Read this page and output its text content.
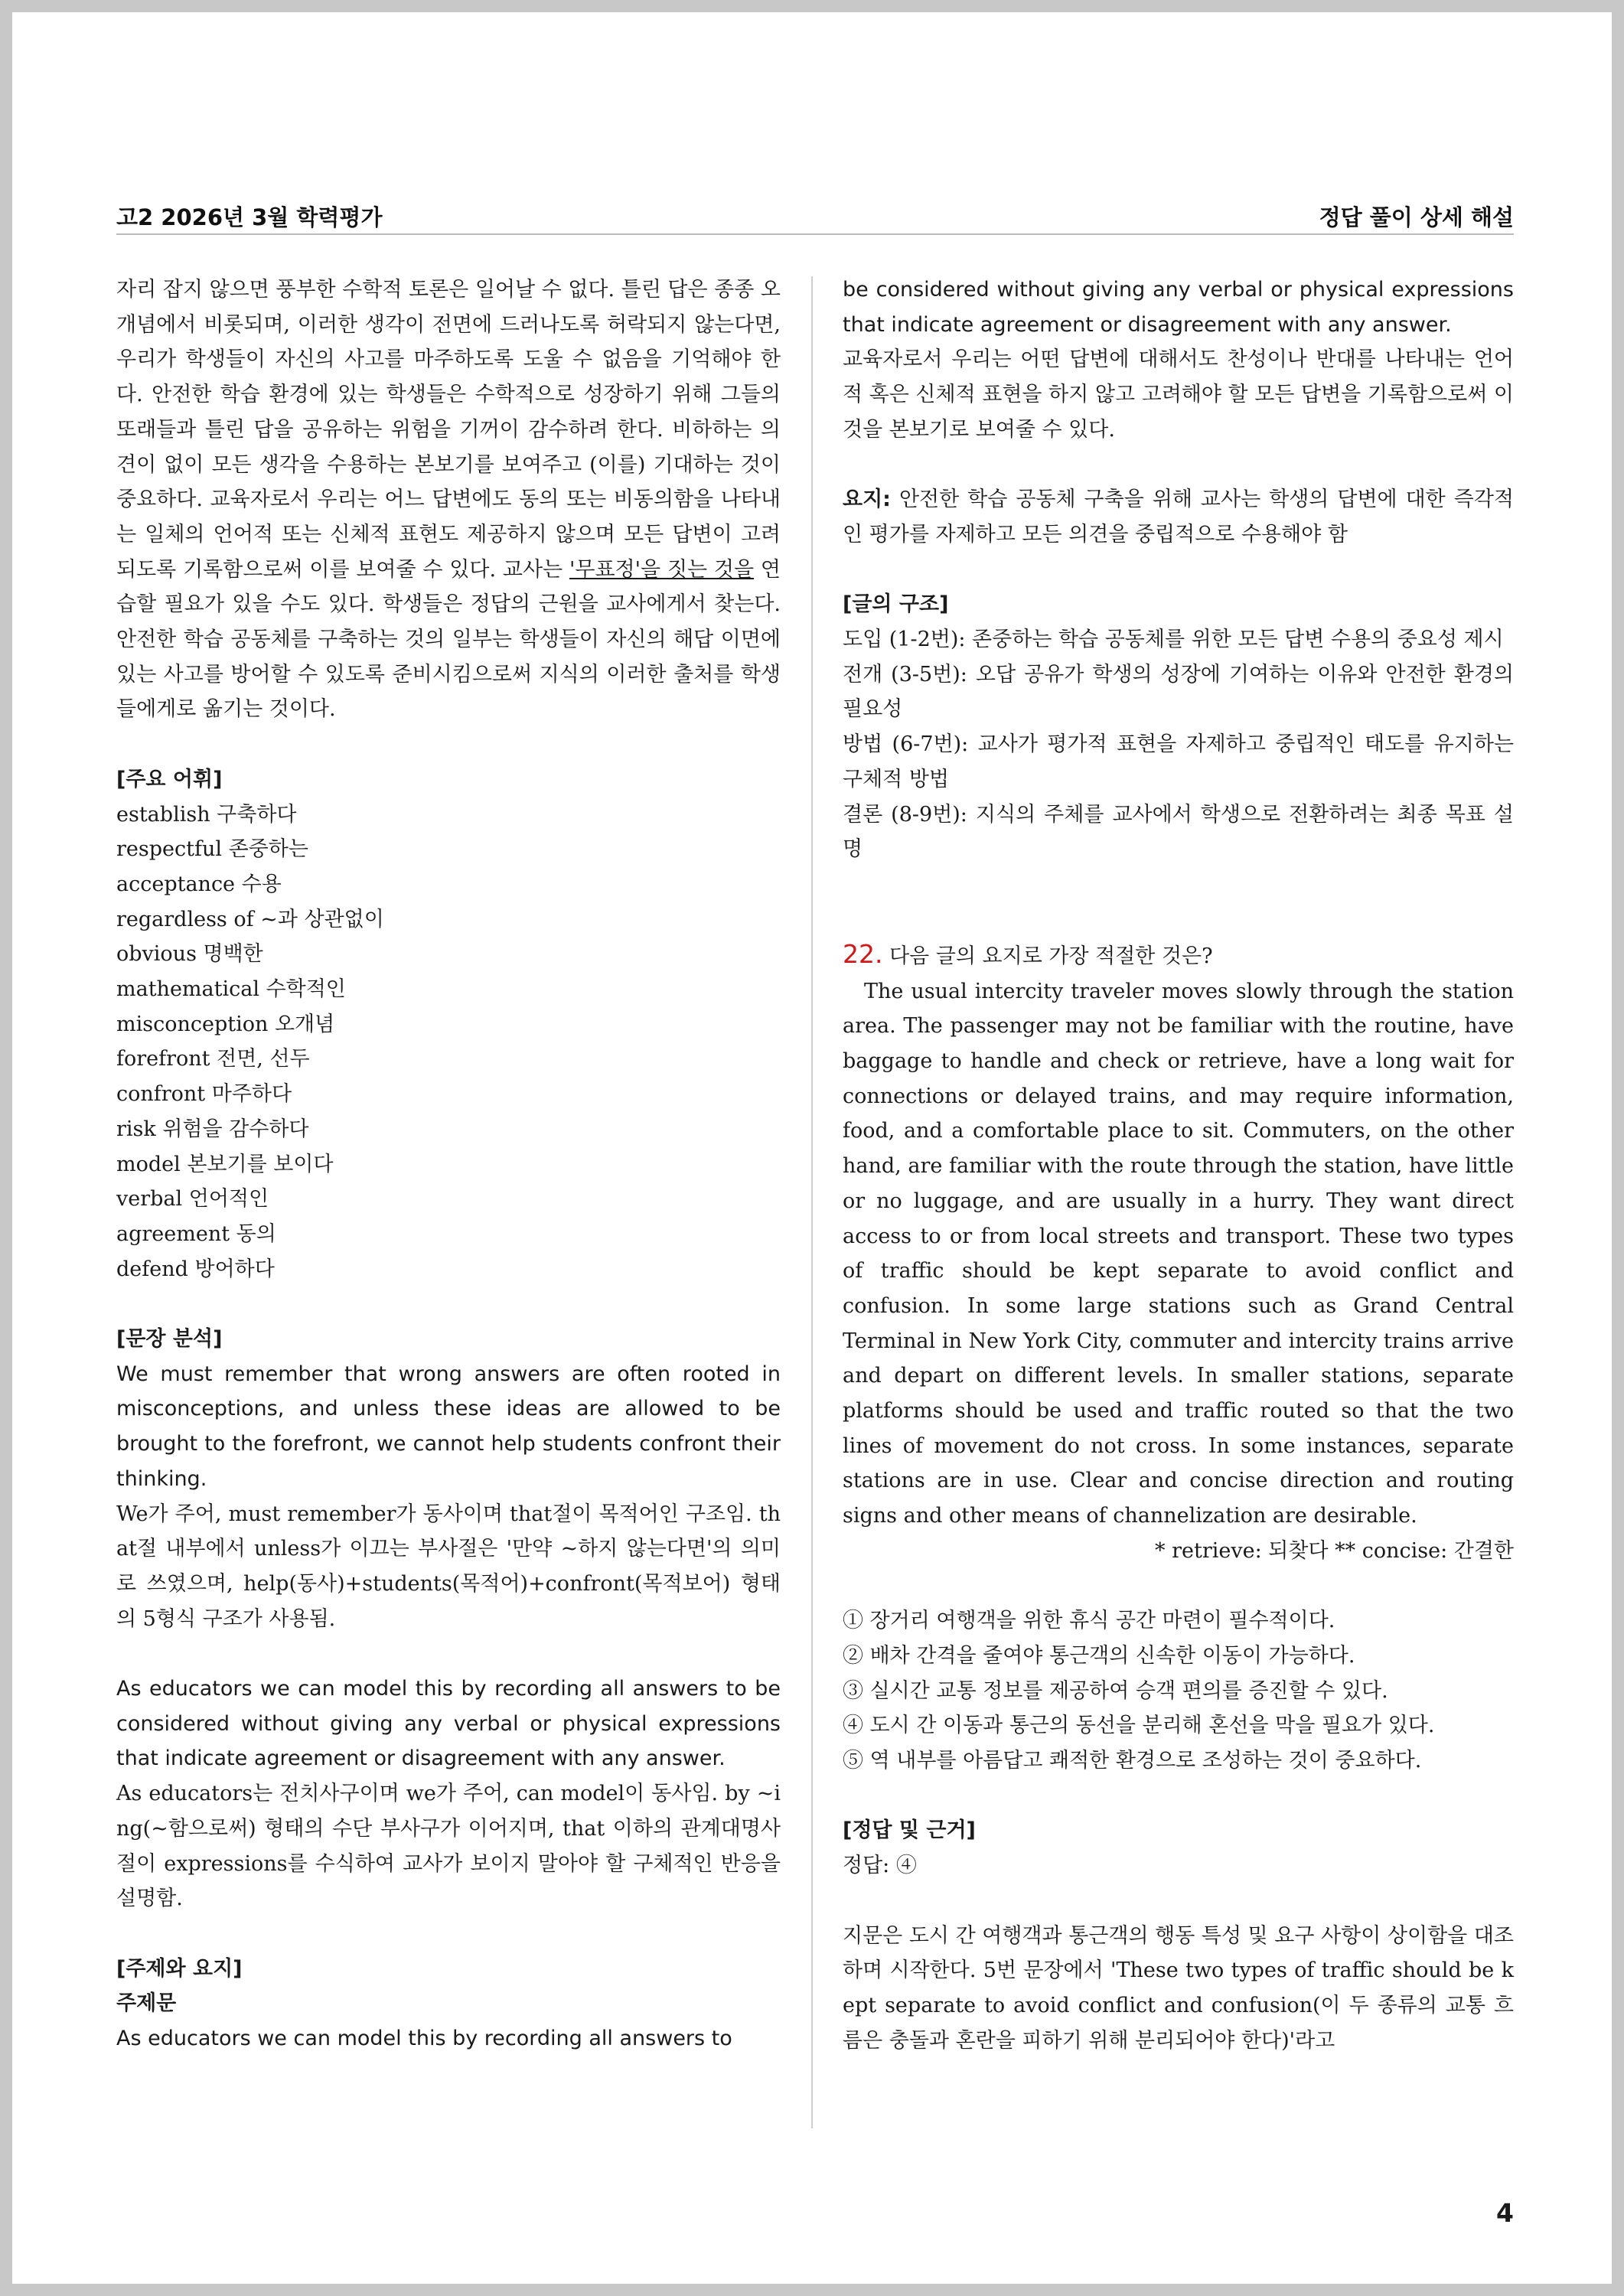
고2 2026년 3월 학력평가	정답 풀이 상세 해설

자리 잡지 않으면 풍부한 수학적 토론은 일어날 수 없다. 틀린 답은 종종 오개념에서 비롯되며, 이러한 생각이 전면에 드러나도록 허락되지 않는다면, 우리가 학생들이 자신의 사고를 마주하도록 도울 수 없음을 기억해야 한다. 안전한 학습 환경에 있는 학생들은 수학적으로 성장하기 위해 그들의 또래들과 틀린 답을 공유하는 위험을 기꺼이 감수하려 한다. 비하하는 의견이 없이 모든 생각을 수용하는 본보기를 보여주고 (이를) 기대하는 것이 중요하다. 교육자로서 우리는 어느 답변에도 동의 또는 비동의함을 나타내는 일체의 언어적 또는 신체적 표현도 제공하지 않으며 모든 답변이 고려되도록 기록함으로써 이를 보여줄 수 있다. 교사는 '무표정'을 짓는 것을 연습할 필요가 있을 수도 있다. 학생들은 정답의 근원을 교사에게서 찾는다. 안전한 학습 공동체를 구축하는 것의 일부는 학생들이 자신의 해답 이면에 있는 사고를 방어할 수 있도록 준비시킴으로써 지식의 이러한 출처를 학생들에게로 옮기는 것이다.

[주요 어휘]

establish 구축하다
respectful 존중하는
acceptance 수용
regardless of ~과 상관없이
obvious 명백한
mathematical 수학적인
misconception 오개념
forefront 전면, 선두
confront 마주하다
risk 위험을 감수하다
model 본보기를 보이다
verbal 언어적인
agreement 동의
defend 방어하다

[문장 분석]

We must remember that wrong answers are often rooted in misconceptions, and unless these ideas are allowed to be brought to the forefront, we cannot help students confront their thinking.

We가 주어, must remember가 동사이며 that절이 목적어인 구조임. that절 내부에서 unless가 이끄는 부사절은 '만약 ~하지 않는다면'의 의미로 쓰였으며, help(동사)+students(목적어)+confront(목적보어) 형태의 5형식 구조가 사용됨.

As educators we can model this by recording all answers to be considered without giving any verbal or physical expressions that indicate agreement or disagreement with any answer.

As educators는 전치사구이며 we가 주어, can model이 동사임. by ~ing(~함으로써) 형태의 수단 부사구가 이어지며, that 이하의 관계대명사절이 expressions를 수식하여 교사가 보이지 말아야 할 구체적인 반응을 설명함.

[주제와 요지]

주제문

As educators we can model this by recording all answers to

be considered without giving any verbal or physical expressions that indicate agreement or disagreement with any answer.

교육자로서 우리는 어떤 답변에 대해서도 찬성이나 반대를 나타내는 언어적 혹은 신체적 표현을 하지 않고 고려해야 할 모든 답변을 기록함으로써 이것을 본보기로 보여줄 수 있다.

요지: 안전한 학습 공동체 구축을 위해 교사는 학생의 답변에 대한 즉각적인 평가를 자제하고 모든 의견을 중립적으로 수용해야 함

[글의 구조]

도입 (1-2번): 존중하는 학습 공동체를 위한 모든 답변 수용의 중요성 제시

전개 (3-5번): 오답 공유가 학생의 성장에 기여하는 이유와 안전한 환경의 필요성

방법 (6-7번): 교사가 평가적 표현을 자제하고 중립적인 태도를 유지하는 구체적 방법

결론 (8-9번): 지식의 주체를 교사에서 학생으로 전환하려는 최종 목표 설명

22. 다음 글의 요지로 가장 적절한 것은?

The usual intercity traveler moves slowly through the station area. The passenger may not be familiar with the routine, have baggage to handle and check or retrieve, have a long wait for connections or delayed trains, and may require information, food, and a comfortable place to sit. Commuters, on the other hand, are familiar with the route through the station, have little or no luggage, and are usually in a hurry. They want direct access to or from local streets and transport. These two types of traffic should be kept separate to avoid conflict and confusion. In some large stations such as Grand Central Terminal in New York City, commuter and intercity trains arrive and depart on different levels. In smaller stations, separate platforms should be used and traffic routed so that the two lines of movement do not cross. In some instances, separate stations are in use. Clear and concise direction and routing signs and other means of channelization are desirable.

* retrieve: 되찾다 ** concise: 간결한

① 장거리 여행객을 위한 휴식 공간 마련이 필수적이다.
② 배차 간격을 줄여야 통근객의 신속한 이동이 가능하다.
③ 실시간 교통 정보를 제공하여 승객 편의를 증진할 수 있다.
④ 도시 간 이동과 통근의 동선을 분리해 혼선을 막을 필요가 있다.
⑤ 역 내부를 아름답고 쾌적한 환경으로 조성하는 것이 중요하다.

[정답 및 근거]

정답: ④

지문은 도시 간 여행객과 통근객의 행동 특성 및 요구 사항이 상이함을 대조하며 시작한다. 5번 문장에서 'These two types of traffic should be kept separate to avoid conflict and confusion(이 두 종류의 교통 흐름은 충돌과 혼란을 피하기 위해 분리되어야 한다)'라고

4
